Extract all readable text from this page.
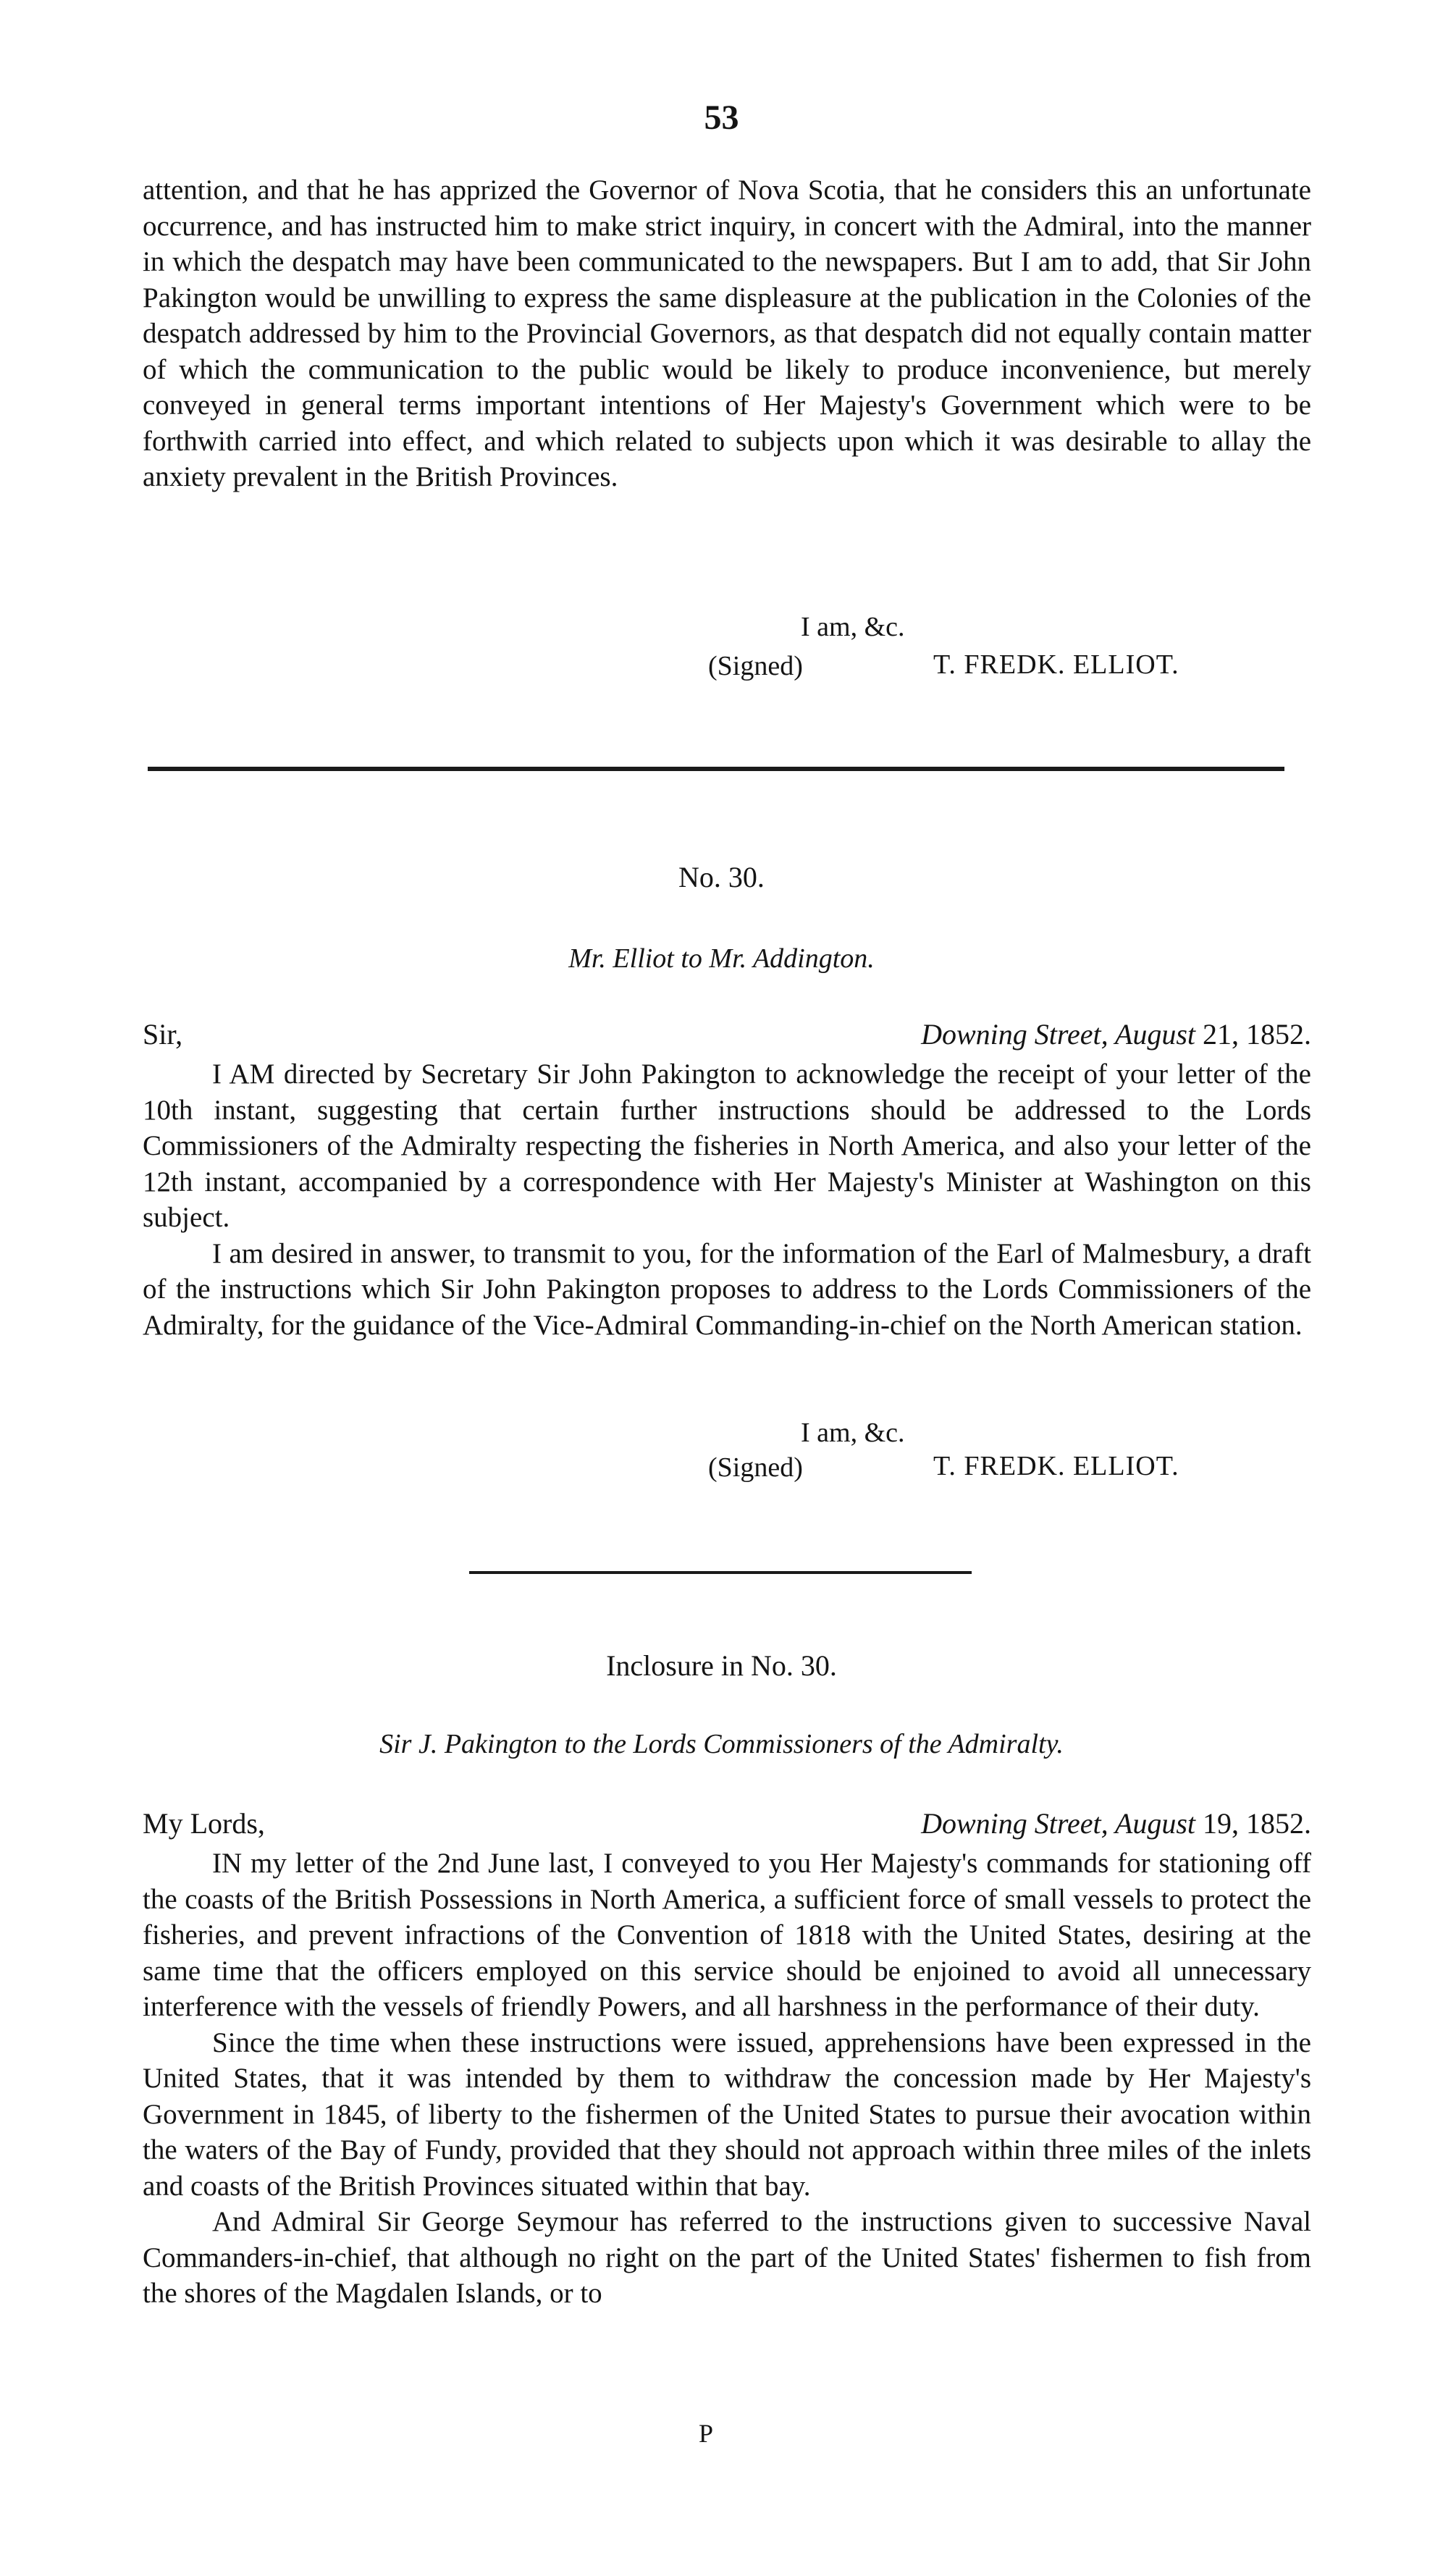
53

attention, and that he has apprized the Governor of Nova Scotia, that he considers this an unfortunate occurrence, and has instructed him to make strict inquiry, in concert with the Admiral, into the manner in which the despatch may have been communicated to the newspapers. But I am to add, that Sir John Pakington would be unwilling to express the same displeasure at the publication in the Colonies of the despatch addressed by him to the Provincial Governors, as that despatch did not equally contain matter of which the communication to the public would be likely to produce inconvenience, but merely conveyed in general terms important intentions of Her Majesty's Government which were to be forthwith carried into effect, and which related to subjects upon which it was desirable to allay the anxiety prevalent in the British Provinces.

I am, &c.
(Signed)	T. FREDK. ELLIOT.
No. 30.
Mr. Elliot to Mr. Addington.
Sir,	Downing Street, August 21, 1852.

I AM directed by Secretary Sir John Pakington to acknowledge the receipt of your letter of the 10th instant, suggesting that certain further instructions should be addressed to the Lords Commissioners of the Admiralty respecting the fisheries in North America, and also your letter of the 12th instant, accompanied by a correspondence with Her Majesty's Minister at Washington on this subject.

I am desired in answer, to transmit to you, for the information of the Earl of Malmesbury, a draft of the instructions which Sir John Pakington proposes to address to the Lords Commissioners of the Admiralty, for the guidance of the Vice-Admiral Commanding-in-chief on the North American station.

I am, &c.
(Signed)	T. FREDK. ELLIOT.
Inclosure in No. 30.
Sir J. Pakington to the Lords Commissioners of the Admiralty.
My Lords,	Downing Street, August 19, 1852.

IN my letter of the 2nd June last, I conveyed to you Her Majesty's commands for stationing off the coasts of the British Possessions in North America, a sufficient force of small vessels to protect the fisheries, and prevent infractions of the Convention of 1818 with the United States, desiring at the same time that the officers employed on this service should be enjoined to avoid all unnecessary interference with the vessels of friendly Powers, and all harshness in the performance of their duty.

Since the time when these instructions were issued, apprehensions have been expressed in the United States, that it was intended by them to withdraw the concession made by Her Majesty's Government in 1845, of liberty to the fishermen of the United States to pursue their avocation within the waters of the Bay of Fundy, provided that they should not approach within three miles of the inlets and coasts of the British Provinces situated within that bay.

And Admiral Sir George Seymour has referred to the instructions given to successive Naval Commanders-in-chief, that although no right on the part of the United States' fishermen to fish from the shores of the Magdalen Islands, or to

P
